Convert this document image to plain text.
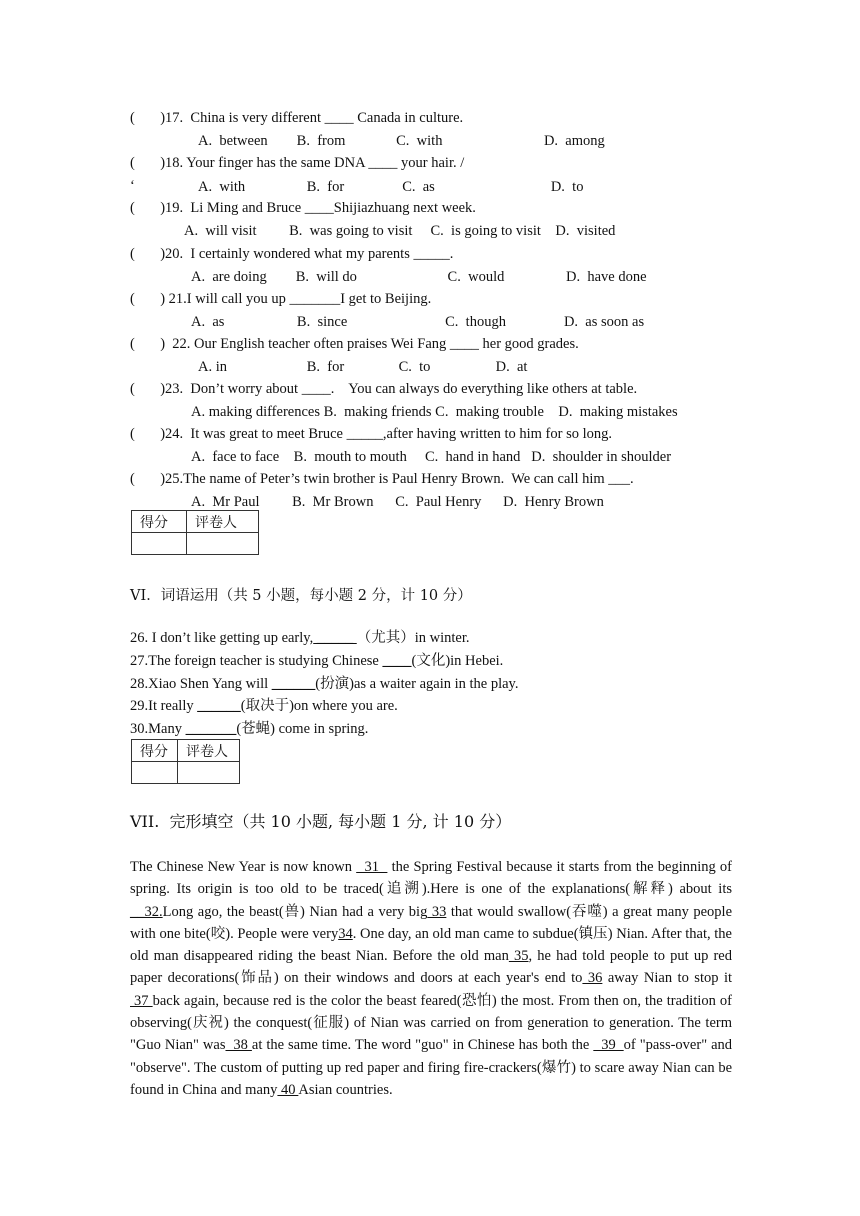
(       )17.  China is very different ____ Canada in culture.
A.  between        B.  from              C.  with                            D.  among
(       )18. Your finger has the same DNA ____ your hair. /
‘	A.  with                 B.  for                C.  as                                D.  to
(       )19.  Li Ming and Bruce ____Shijiazhuang next week.
A.  will visit         B.  was going to visit     C.  is going to visit    D.  visited
(       )20.  I certainly wondered what my parents _____.
A.  are doing        B.  will do                         C.  would                 D.  have done
(       ) 21.I will call you up _______I get to Beijing.
A.  as                    B.  since                           C.  though                D.  as soon as
(       )  22. Our English teacher often praises Wei Fang ____ her good grades.
A. in                      B.  for               C.  to                  D.  at
(       )23.  Don’t worry about ____.    You can always do everything like others at table.
A. making differences B.  making friends C.  making trouble    D.  making mistakes
(       )24.  It was great to meet Bruce _____,after having written to him for so long.
A.  face to face    B.  mouth to mouth     C.  hand in hand   D.  shoulder in shoulder
(       )25.The name of Peter’s twin brother is Paul Henry Brown.  We can call him ___.
A.  Mr Paul         B.  Mr Brown      C.  Paul Henry      D.  Henry Brown
得分	评卷人

VI．词语运用（共 5 小题，每小题 2 分，计 10 分）
26. I don’t like getting up early, _____ （尤其）in winter.
27.The foreign teacher is studying Chinese ____(文化)in Hebei.
28.Xiao Shen Yang will ______(扮演)as a waiter again in the play.
29.It really ______(取决于)on where you are.
30.Many _______(苍蝇) come in spring.
得分	评卷人

VII.  完形填空（共 10 小题, 每小题 1 分, 计 10 分）
The Chinese New Year is now known   31   the Spring Festival because it starts from the beginning of spring. Its origin is too old to be traced(追溯).Here is one of the explanations(解释) about its __32.Long ago, the beast(兽) Nian had a very big 33 that would swallow(吞噬) a great many people with one bite(咬). People were very34. One day, an old man came to subdue(镇压) Nian. After that, the old man disappeared riding the beast Nian. Before the old man 35, he had told people to put up red paper decorations(饰品) on their windows and doors at each year's end to 36 away Nian to stop it 37 back again, because red is the color the beast feared(恐怕) the most. From then on, the tradition of observing(庆祝) the conquest(征服) of Nian was carried on from generation to generation. The term "Guo Nian" was  38 at the same time. The word "guo" in Chinese has both the   39  of "pass-over" and "observe". The custom of putting up red paper and firing fire-crackers(爆竹) to scare away Nian can be found in China and many 40 Asian countries.
